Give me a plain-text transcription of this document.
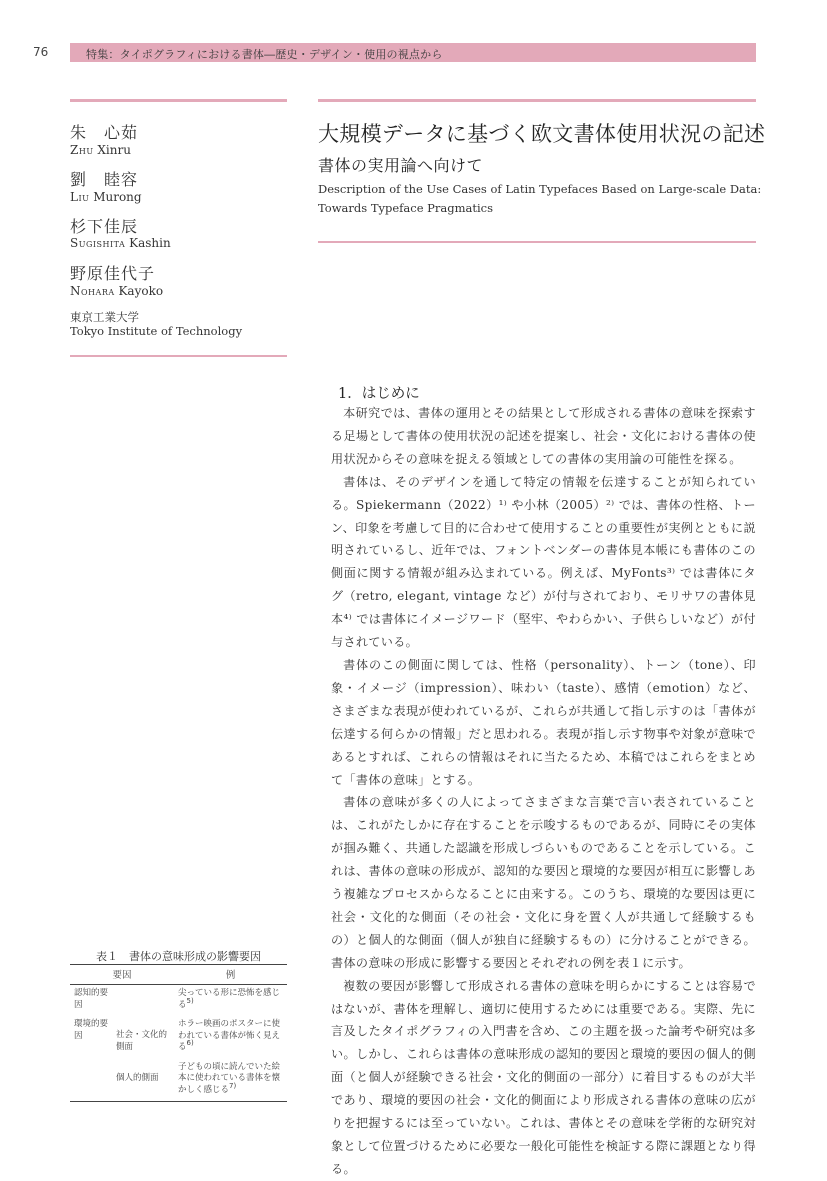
76	特集：タイポグラフィにおける書体―歴史・デザイン・使用の視点から
朱　心茹
Zhu Xinru
劉　睦容
Liu Murong
杉下佳辰
Sugishita Kashin
野原佳代子
Nohara Kayoko
東京工業大学
Tokyo Institute of Technology
大規模データに基づく欧文書体使用状況の記述
書体の実用論へ向けて
Description of the Use Cases of Latin Typefaces Based on Large-scale Data:
Towards Typeface Pragmatics
1．はじめに

本研究では、書体の運用とその結果として形成される書体の意味を探索する足場として書体の使用状況の記述を提案し、社会・文化における書体の使用状況からその意味を捉える領域としての書体の実用論の可能性を探る。

書体は、そのデザインを通して特定の情報を伝達することが知られている。Spiekermann（2022）¹⁾ や小林（2005）²⁾ では、書体の性格、トーン、印象を考慮して目的に合わせて使用することの重要性が実例とともに説明されているし、近年では、フォントベンダーの書体見本帳にも書体のこの側面に関する情報が組み込まれている。例えば、MyFonts³⁾ では書体にタグ（retro, elegant, vintage など）が付与されており、モリサワの書体見本⁴⁾ では書体にイメージワード（堅牢、やわらかい、子供らしいなど）が付与されている。

書体のこの側面に関しては、性格（personality）、トーン（tone）、印象・イメージ（impression）、味わい（taste）、感情（emotion）など、さまざまな表現が使われているが、これらが共通して指し示すのは「書体が伝達する何らかの情報」だと思われる。表現が指し示す物事や対象が意味であるとすれば、これらの情報はそれに当たるため、本稿ではこれらをまとめて「書体の意味」とする。

書体の意味が多くの人によってさまざまな言葉で言い表されていることは、これがたしかに存在することを示唆するものであるが、同時にその実体が掴み難く、共通した認識を形成しづらいものであることを示している。これは、書体の意味の形成が、認知的な要因と環境的な要因が相互に影響しあう複雑なプロセスからなることに由来する。このうち、環境的な要因は更に社会・文化的な側面（その社会・文化に身を置く人が共通して経験するもの）と個人的な側面（個人が独自に経験するもの）に分けることができる。書体の意味の形成に影響する要因とそれぞれの例を表１に示す。

複数の要因が影響して形成される書体の意味を明らかにすることは容易ではないが、書体を理解し、適切に使用するためには重要である。実際、先に言及したタイポグラフィの入門書を含め、この主題を扱った論考や研究は多い。しかし、これらは書体の意味形成の認知的要因と環境的要因の個人的側面（と個人が経験できる社会・文化的側面の一部分）に着目するものが大半であり、環境的要因の社会・文化的側面により形成される書体の意味の広がりを把握するには至っていない。これは、書体とその意味を学術的な研究対象として位置づけるために必要な一般化可能性を検証する際に課題となり得る。

表１　書体の意味形成の影響要因
要因		例
認知的要因		尖っている形に恐怖を感じる$^{5)}$
環境的要因	社会・文化的側面	ホラー映画のポスターに使われている書体が怖く見える$^{6)}$
	個人的側面	子どもの頃に読んでいた絵本に使われている書体を懐かしく感じる$^{7)}$
